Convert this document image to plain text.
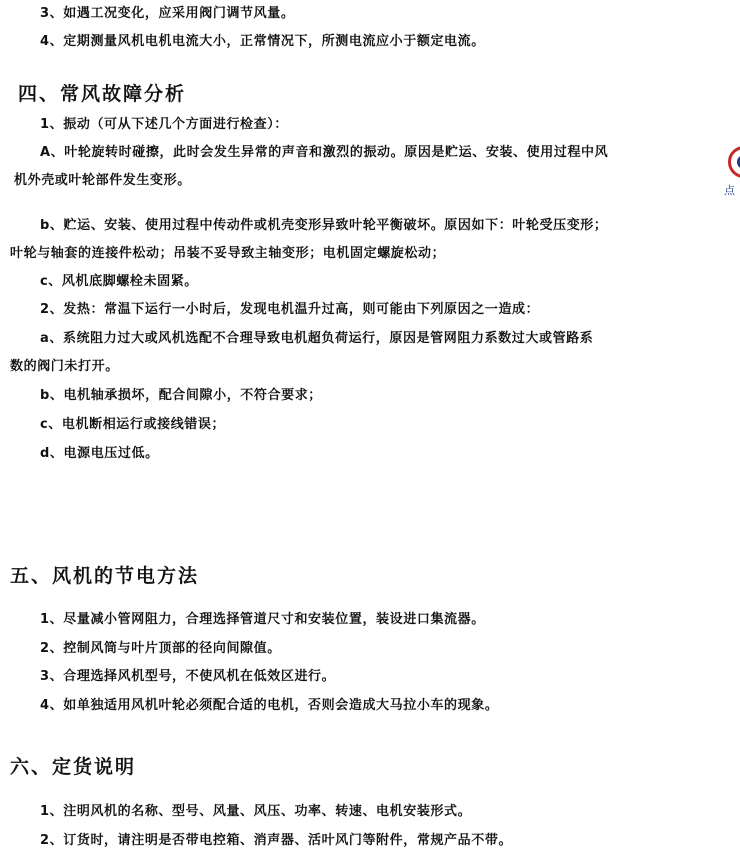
3、如遇工况变化，应采用阀门调节风量。
4、定期测量风机电机电流大小，正常情况下，所测电流应小于额定电流。
四、常风故障分析
1、振动（可从下述几个方面进行检查）：
A、叶轮旋转时碰擦，此时会发生异常的声音和激烈的振动。原因是贮运、安装、使用过程中风
机外壳或叶轮部件发生变形。
b、贮运、安装、使用过程中传动件或机壳变形异致叶轮平衡破坏。原因如下：叶轮受压变形；
叶轮与轴套的连接件松动；吊装不妥导致主轴变形；电机固定螺旋松动；
c、风机底脚螺栓未固紧。
2、发热：常温下运行一小时后，发现电机温升过高，则可能由下列原因之一造成：
a、系统阻力过大或风机选配不合理导致电机超负荷运行，原因是管网阻力系数过大或管路系
数的阀门未打开。
b、电机轴承损坏，配合间隙小，不符合要求；
c、电机断相运行或接线错误；
d、电源电压过低。
五、风机的节电方法
1、尽量减小管网阻力，合理选择管道尺寸和安装位置，装设进口集流器。
2、控制风筒与叶片顶部的径向间隙值。
3、合理选择风机型号，不使风机在低效区进行。
4、如单独适用风机叶轮必须配合适的电机，否则会造成大马拉小车的现象。
六、定货说明
1、注明风机的名称、型号、风量、风压、功率、转速、电机安装形式。
2、订货时，请注明是否带电控箱、消声器、活叶风门等附件，常规产品不带。
点
